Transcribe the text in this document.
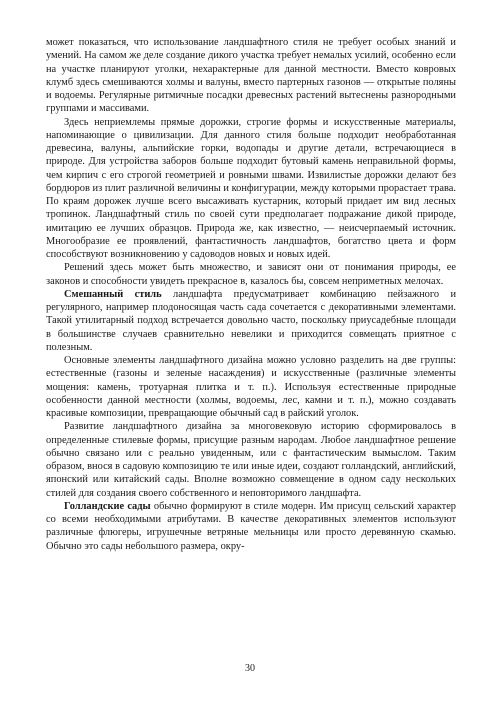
может показаться, что использование ландшафтного стиля не требует особых знаний и умений. На самом же деле создание дикого участка требует немалых усилий, особенно если на участке планируют уголки, нехарактерные для данной местности. Вместо ковровых клумб здесь смешиваются холмы и валуны, вместо партерных газонов — открытые поляны и водоемы. Регулярные ритмичные посадки древесных растений вытеснены разнородными группами и массивами.

Здесь неприемлемы прямые дорожки, строгие формы и искусственные материалы, напоминающие о цивилизации. Для данного стиля больше подходит необработанная древесина, валуны, альпийские горки, водопады и другие детали, встречающиеся в природе. Для устройства заборов больше подходит бутовый камень неправильной формы, чем кирпич с его строгой геометрией и ровными швами. Извилистые дорожки делают без бордюров из плит различной величины и конфигурации, между которыми прорастает трава. По краям дорожек лучше всего высаживать кустарник, который придает им вид лесных тропинок. Ландшафтный стиль по своей сути предполагает подражание дикой природе, имитацию ее лучших образцов. Природа же, как известно, — неисчерпаемый источник. Многообразие ее проявлений, фантастичность ландшафтов, богатство цвета и форм способствуют возникновению у садоводов новых и новых идей.

Решений здесь может быть множество, и зависят они от понимания природы, ее законов и способности увидеть прекрасное в, казалось бы, совсем неприметных мелочах.

Смешанный стиль ландшафта предусматривает комбинацию пейзажного и регулярного, например плодоносящая часть сада сочетается с декоративными элементами. Такой утилитарный подход встречается довольно часто, поскольку приусадебные площади в большинстве случаев сравнительно невелики и приходится совмещать приятное с полезным.

Основные элементы ландшафтного дизайна можно условно разделить на две группы: естественные (газоны и зеленые насаждения) и искусственные (различные элементы мощения: камень, тротуарная плитка и т. п.). Используя естественные природные особенности данной местности (холмы, водоемы, лес, камни и т. п.), можно создавать красивые композиции, превращающие обычный сад в райский уголок.

Развитие ландшафтного дизайна за многовековую историю сформировалось в определенные стилевые формы, присущие разным народам. Любое ландшафтное решение обычно связано или с реально увиденным, или с фантастическим вымыслом. Таким образом, внося в садовую композицию те или иные идеи, создают голландский, английский, японский или китайский сады. Вполне возможно совмещение в одном саду нескольких стилей для создания своего собственного и неповторимого ландшафта.

Голландские сады обычно формируют в стиле модерн. Им присущ сельский характер со всеми необходимыми атрибутами. В качестве декоративных элементов используют различные флюгеры, игрушечные ветряные мельницы или просто деревянную скамью. Обычно это сады небольшого размера, окру-

30
